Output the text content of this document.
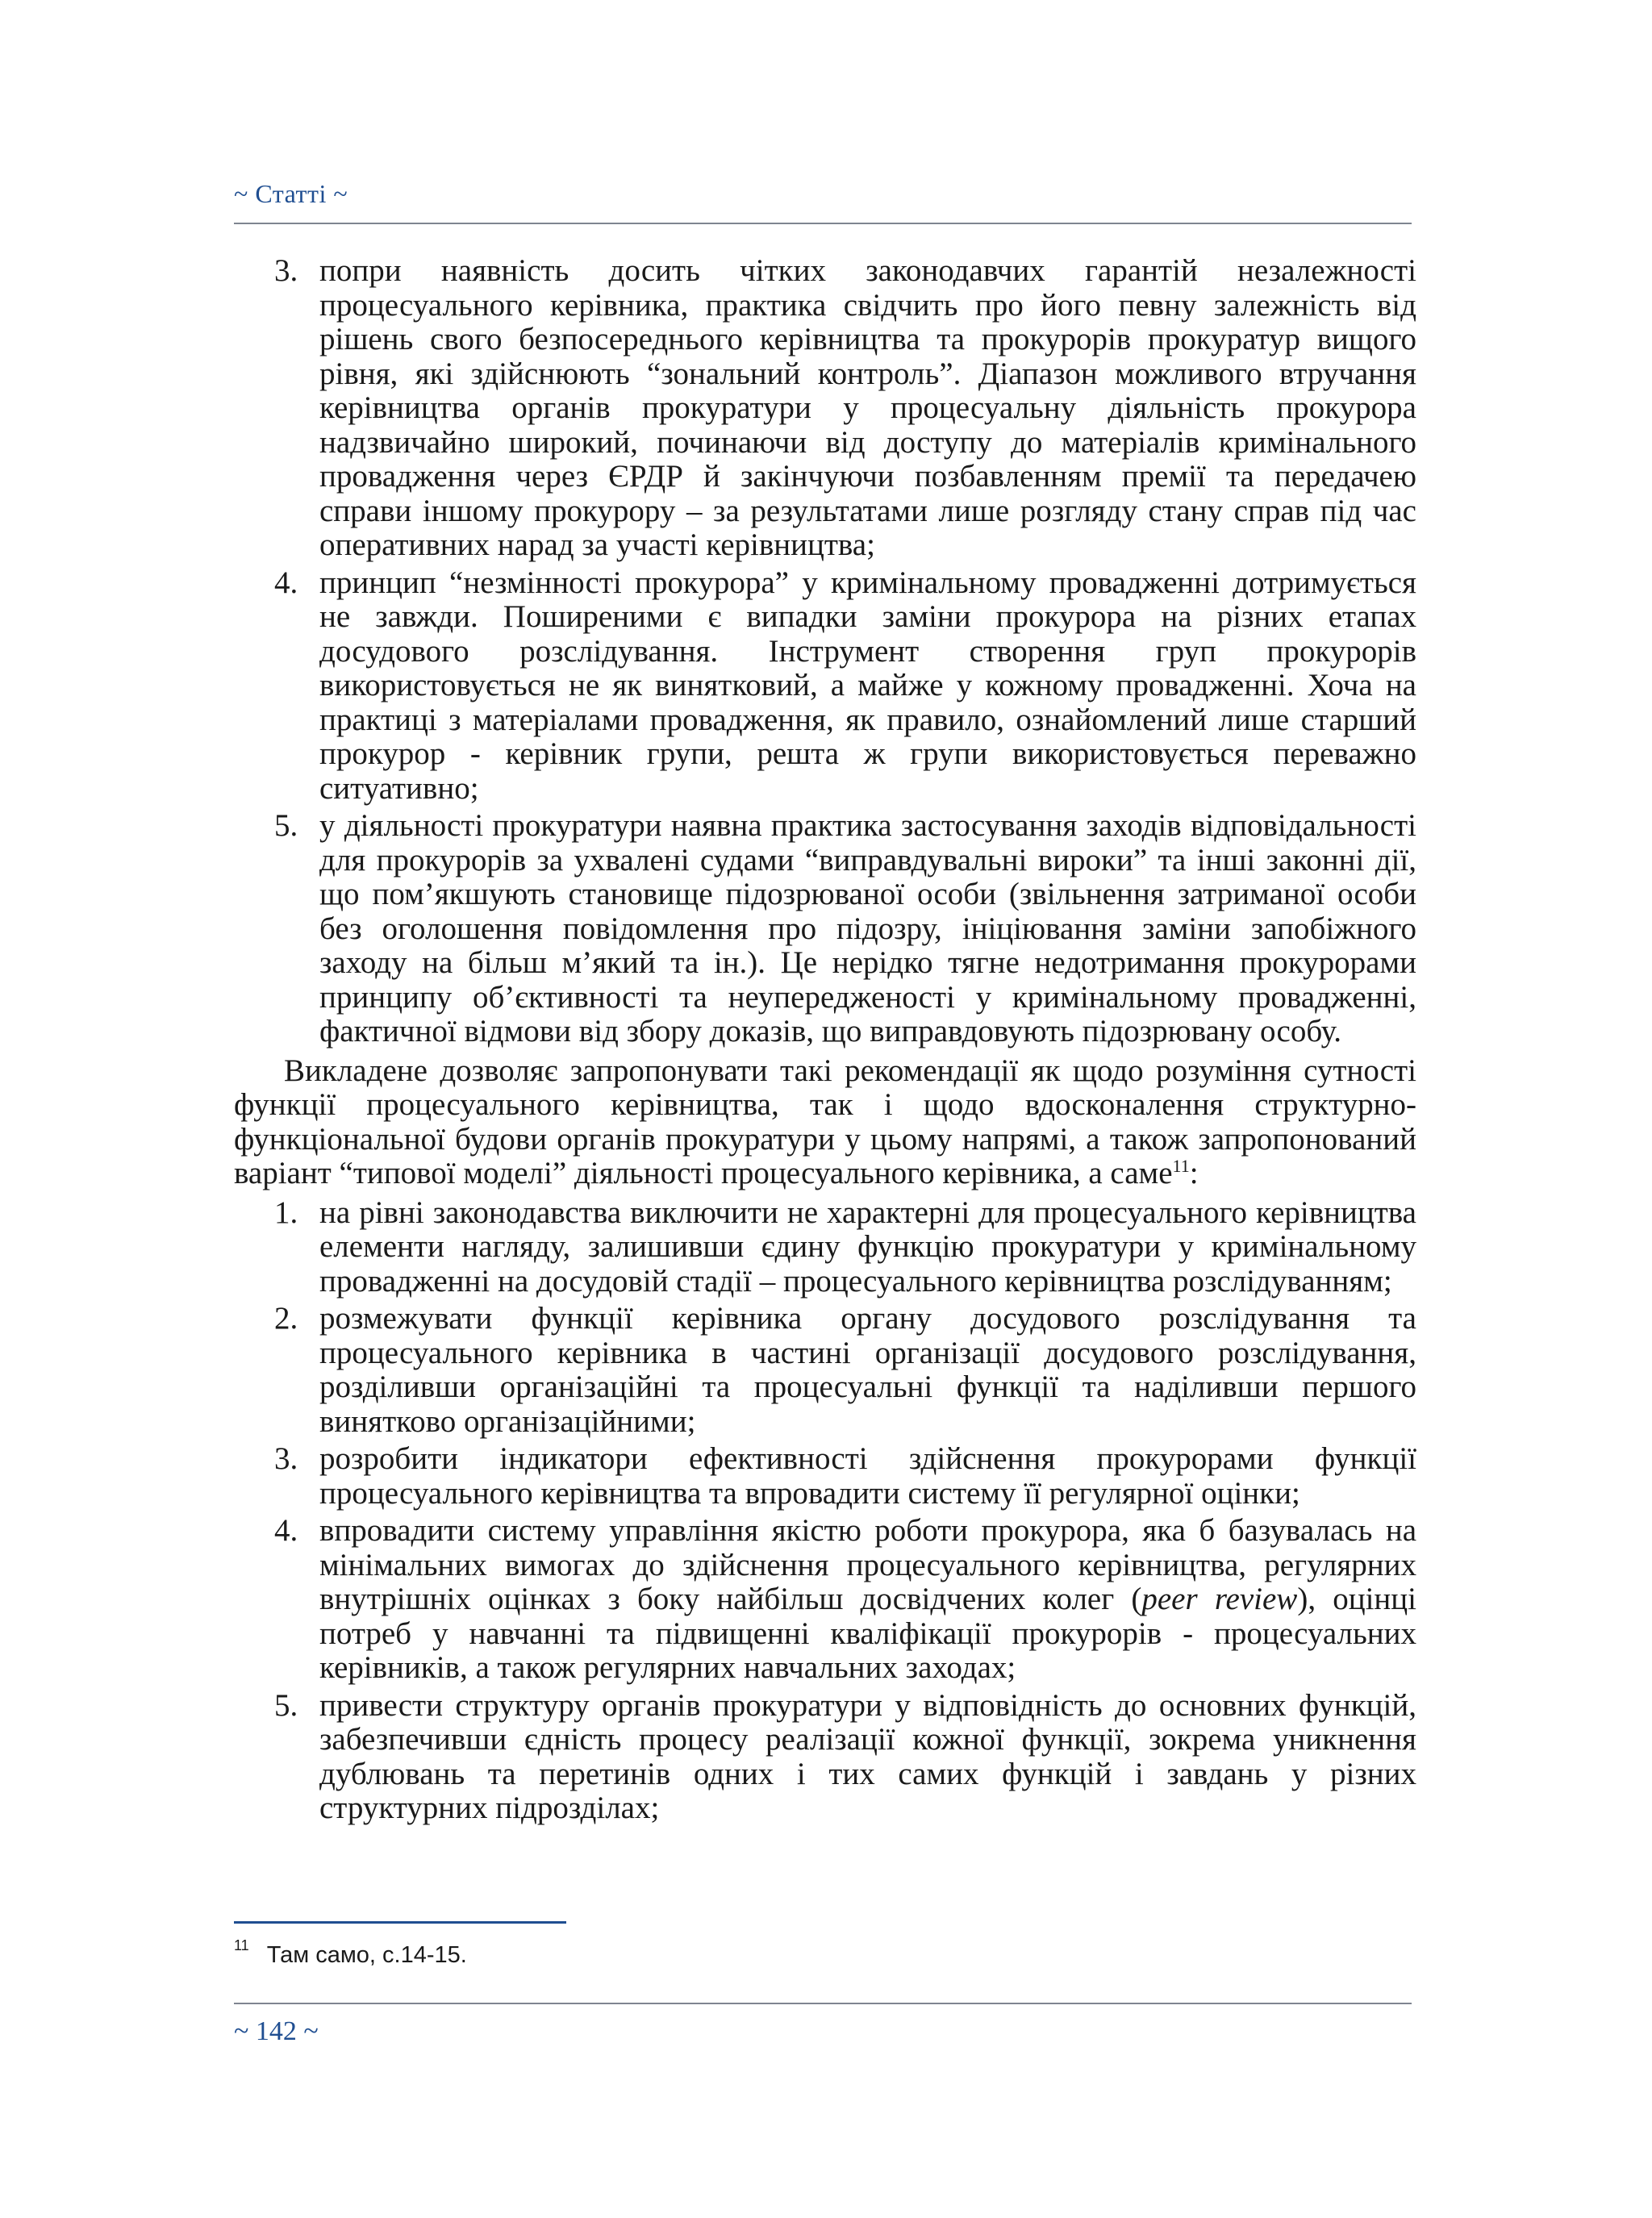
~ Статті ~
3. попри наявність досить чітких законодавчих гарантій незалежності процесуального керівника, практика свідчить про його певну залежність від рішень свого безпосереднього керівництва та прокурорів прокуратур вищого рівня, які здійснюють “зональний контроль”. Діапазон можливого втручання керівництва органів прокуратури у процесуальну діяльність прокурора надзвичайно широкий, починаючи від доступу до матеріалів кримінального провадження через ЄРДР й закінчуючи позбавленням премії та передачею справи іншому прокурору – за результатами лише розгляду стану справ під час оперативних нарад за участі керівництва;
4. принцип “незмінності прокурора” у кримінальному провадженні дотримується не завжди. Поширеними є випадки заміни прокурора на різних етапах досудового розслідування. Інструмент створення груп прокурорів використовується не як винятковий, а майже у кожному провадженні. Хоча на практиці з матеріалами провадження, як правило, ознайомлений лише старший прокурор - керівник групи, решта ж групи використовується переважно ситуативно;
5. у діяльності прокуратури наявна практика застосування заходів відповідальності для прокурорів за ухвалені судами “виправдувальні вироки” та інші законні дії, що пом’якшують становище підозрюваної особи (звільнення затриманої особи без оголошення повідомлення про підозру, ініціювання заміни запобіжного заходу на більш м’який та ін.). Це нерідко тягне недотримання прокурорами принципу об’єктивності та неупередженості у кримінальному провадженні, фактичної відмови від збору доказів, що виправдовують підозрювану особу.

Викладене дозволяє запропонувати такі рекомендації як щодо розуміння сутності функції процесуального керівництва, так і щодо вдосконалення структурно-функціональної будови органів прокуратури у цьому напрямі, а також запропонований варіант “типової моделі” діяльності процесуального керівника, а саме$^{11}$:

1. на рівні законодавства виключити не характерні для процесуального керівництва елементи нагляду, залишивши єдину функцію прокуратури у кримінальному провадженні на досудовій стадії – процесуального керівництва розслідуванням;
2. розмежувати функції керівника органу досудового розслідування та процесуального керівника в частині організації досудового розслідування, розділивши організаційні та процесуальні функції та наділивши першого винятково організаційними;
3. розробити індикатори ефективності здійснення прокурорами функції процесуального керівництва та впровадити систему її регулярної оцінки;
4. впровадити систему управління якістю роботи прокурора, яка б базувалась на мінімальних вимогах до здійснення процесуального керівництва, регулярних внутрішніх оцінках з боку найбільш досвідчених колег (peer review), оцінці потреб у навчанні та підвищенні кваліфікації прокурорів - процесуальних керівників, а також регулярних навчальних заходах;
5. привести структуру органів прокуратури у відповідність до основних функцій, забезпечивши єдність процесу реалізації кожної функції, зокрема уникнення дублювань та перетинів одних і тих самих функцій і завдань у різних структурних підрозділах;
$^{11}$ Там само, с.14-15.
~ 142 ~
